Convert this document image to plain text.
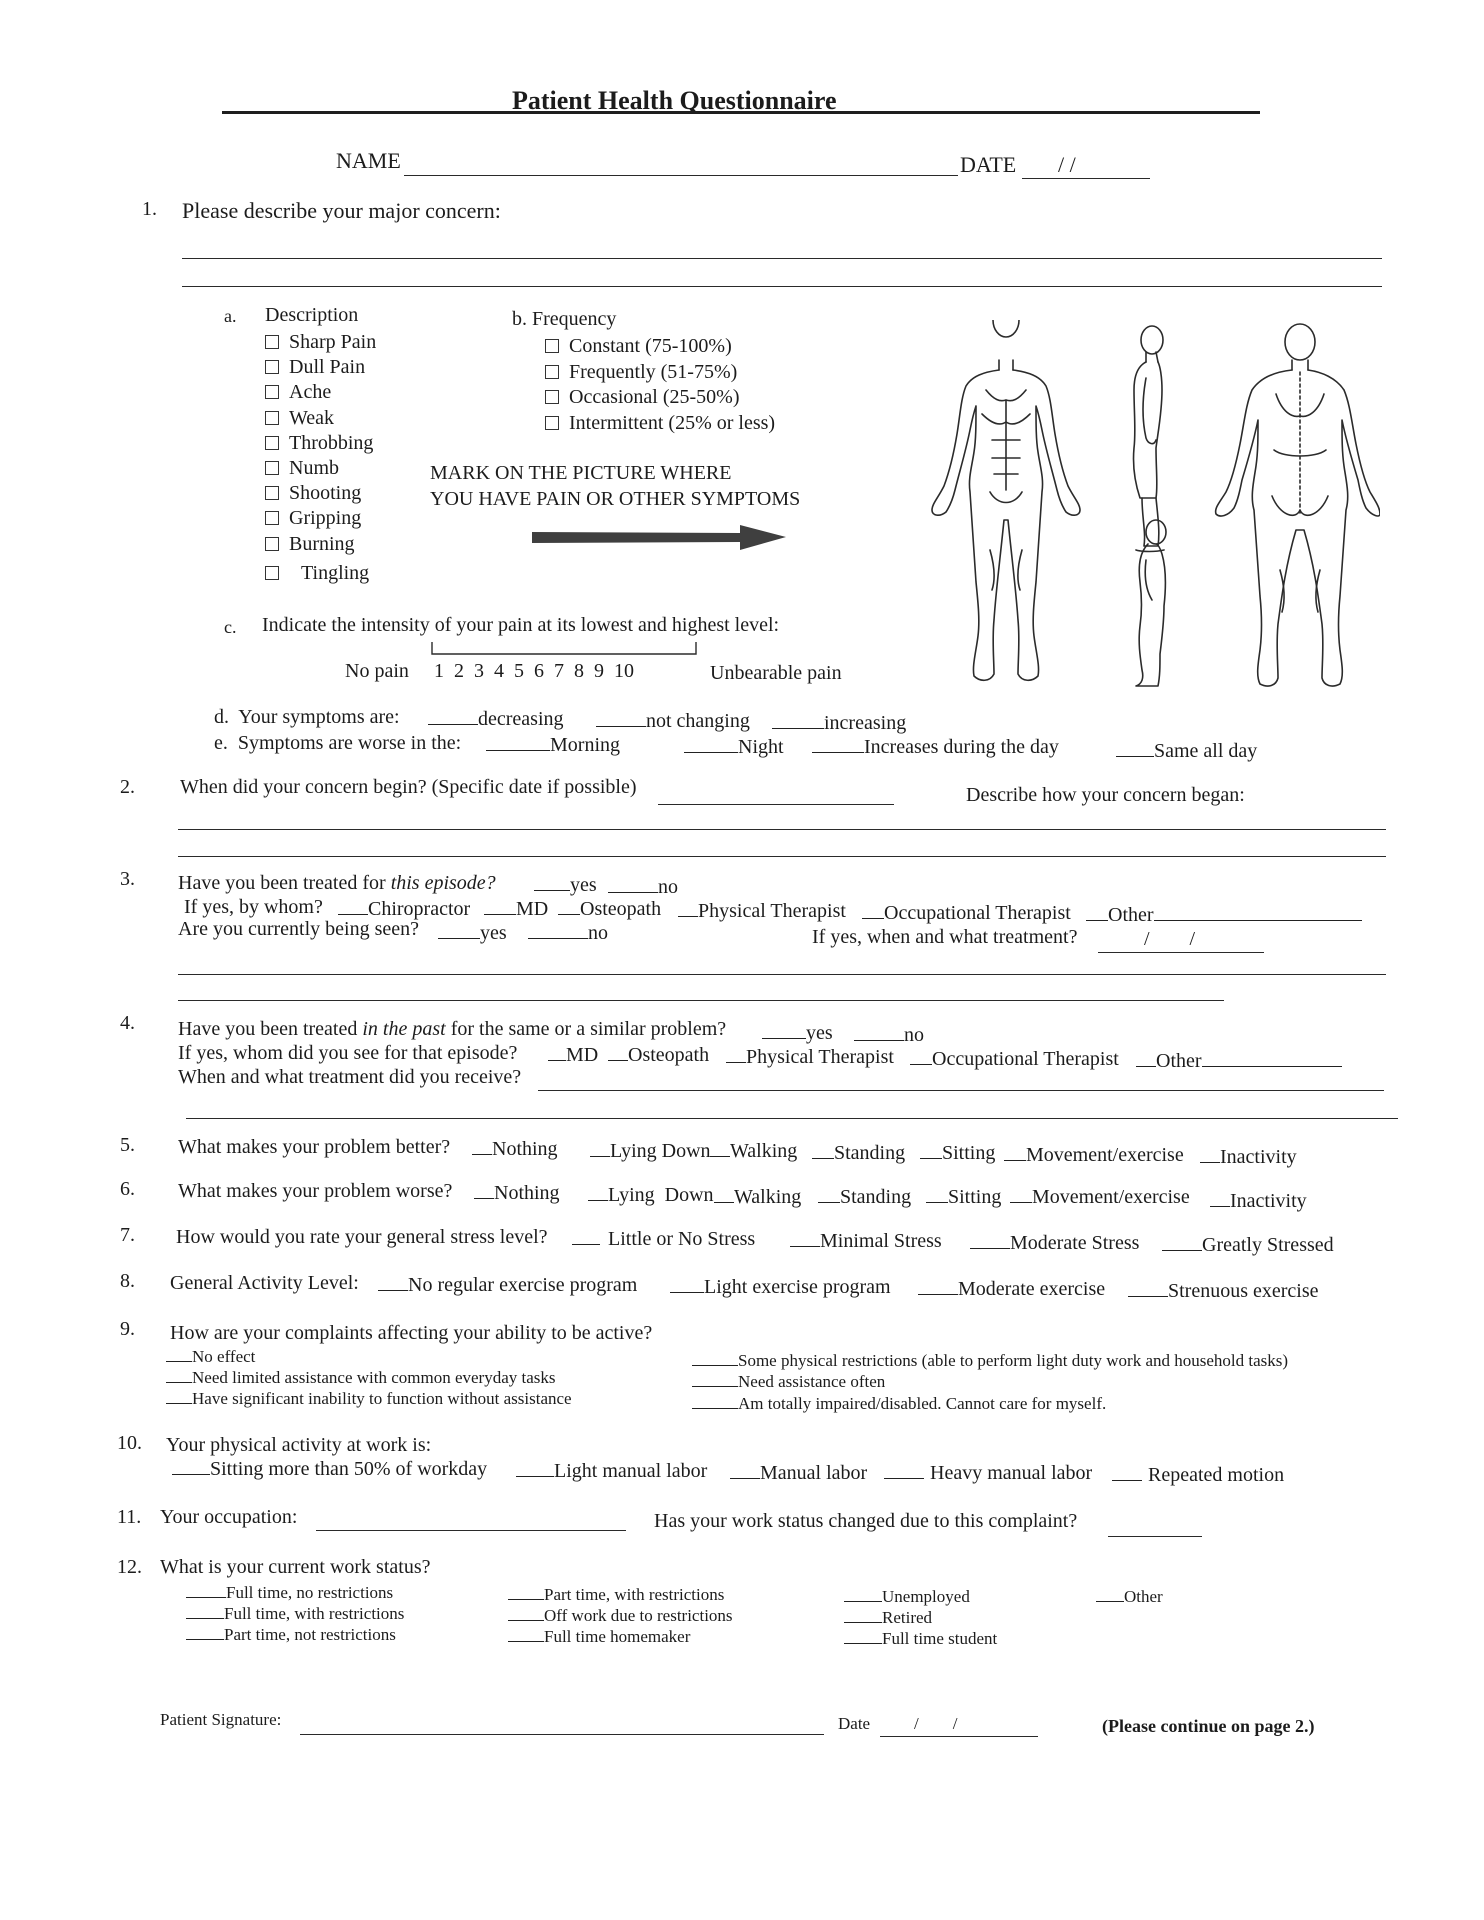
Patient Health Questionnaire
NAME	DATE / /
1. Please describe your major concern:
a. Description
Sharp Pain
Dull Pain
Ache
Weak
Throbbing
Numb
Shooting
Gripping
Burning
Tingling
b. Frequency
Constant (75-100%)
Frequently (51-75%)
Occasional (25-50%)
Intermittent (25% or less)
MARK ON THE PICTURE WHERE
YOU HAVE PAIN OR OTHER SYMPTOMS
c. Indicate the intensity of your pain at its lowest and highest level:
No pain 1  2  3  4  5  6  7  8  9  10	Unbearable pain
d.  Your symptoms are:	decreasing	not changing	increasing
e.  Symptoms are worse in the:	Morning	Night	Increases during the day	Same all day
2. When did your concern begin? (Specific date if possible)	Describe how your concern began:
3. Have you been treated for this episode?	yes	no
If yes, by whom?	Chiropractor	MD	Osteopath	Physical Therapist	Occupational Therapist	Other
Are you currently being seen?	yes	no	If yes, when and what treatment?	/        /
4. Have you been treated in the past for the same or a similar problem?	yes	no
If yes, whom did you see for that episode?	MD	Osteopath	Physical Therapist	Occupational Therapist	Other
When and what treatment did you receive?
5. What makes your problem better?	Nothing	Lying Down Walking	Standing	Sitting	Movement/exercise	Inactivity
6. What makes your problem worse?	Nothing	Lying  Down	Walking	Standing	Sitting	Movement/exercise	Inactivity
7. How would you rate your general stress level?	Little or No Stress	Minimal Stress	Moderate Stress	Greatly Stressed
8. General Activity Level:	No regular exercise program	Light exercise program	Moderate exercise	Strenuous exercise
9. How are your complaints affecting your ability to be active?
No effect
Need limited assistance with common everyday tasks
Have significant inability to function without assistance
Some physical restrictions (able to perform light duty work and household tasks)
Need assistance often
Am totally impaired/disabled. Cannot care for myself.
10. Your physical activity at work is:
Sitting more than 50% of workday	Light manual labor	Manual labor	Heavy manual labor	Repeated motion
11. Your occupation:	Has your work status changed due to this complaint?
12. What is your current work status?
Full time, no restrictions
Full time, with restrictions
Part time, not restrictions
Part time, with restrictions
Off work due to restrictions
Full time homemaker
Unemployed
Retired
Full time student
Other
Patient Signature:	Date	/        /	(Please continue on page 2.)
